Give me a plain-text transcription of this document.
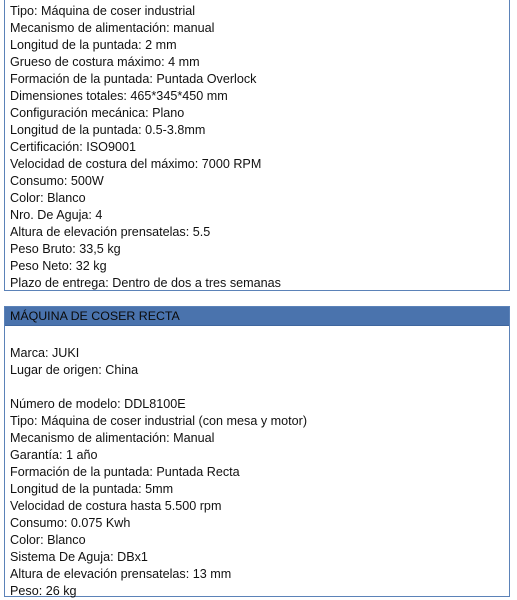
Tipo: Máquina de coser industrial
Mecanismo de alimentación: manual
Longitud de la puntada: 2 mm
Grueso de costura máximo: 4 mm
Formación de la puntada: Puntada Overlock
Dimensiones totales: 465*345*450 mm
Configuración mecánica: Plano
Longitud de la puntada: 0.5-3.8mm
Certificación: ISO9001
Velocidad de costura del máximo: 7000 RPM
Consumo: 500W
Color: Blanco
Nro. De Aguja: 4
Altura de elevación prensatelas: 5.5
Peso Bruto: 33,5 kg
Peso Neto: 32 kg
Plazo de entrega: Dentro de dos a tres semanas
MÁQUINA DE COSER RECTA
Marca: JUKI
Lugar de origen: China
Número de modelo: DDL8100E
Tipo: Máquina de coser industrial (con mesa y motor)
Mecanismo de alimentación: Manual
Garantía: 1 año
Formación de la puntada: Puntada Recta
Longitud de la puntada: 5mm
Velocidad de costura hasta 5.500 rpm
Consumo: 0.075 Kwh
Color: Blanco
Sistema De Aguja: DBx1
Altura de elevación prensatelas: 13 mm
Peso: 26 kg
